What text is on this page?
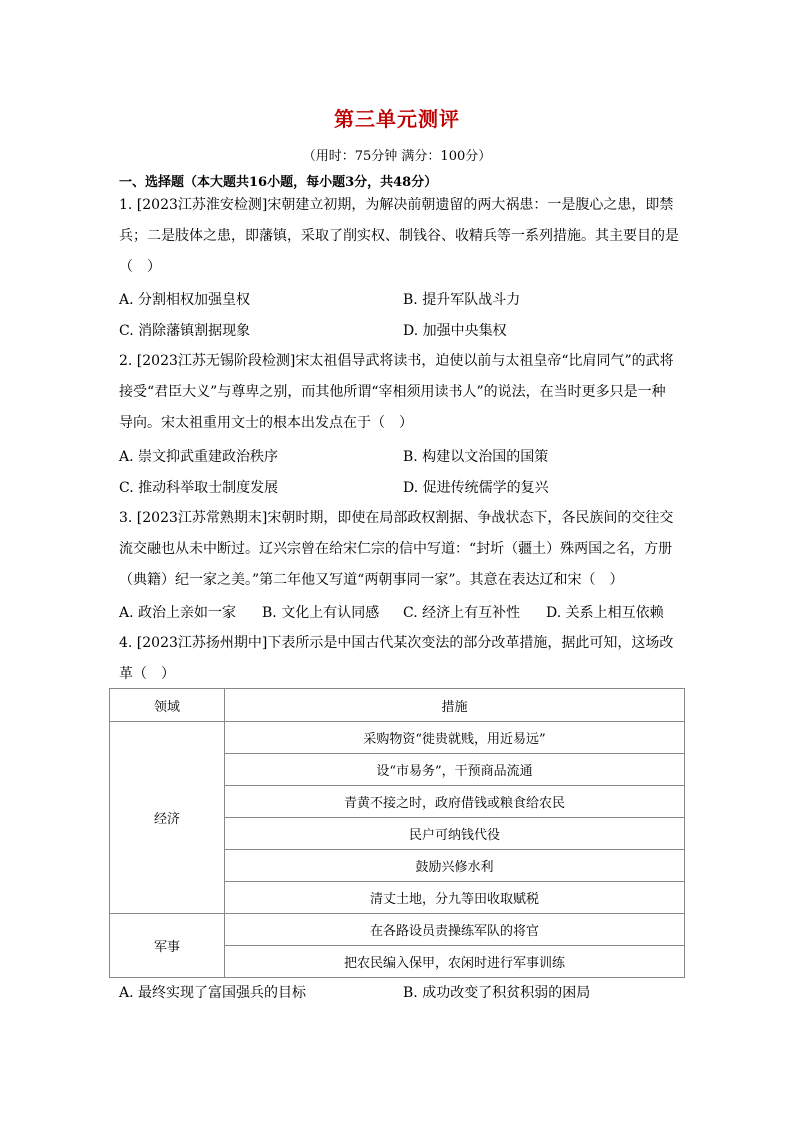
第三单元测评
（用时：75分钟 满分：100分）
一、选择题（本大题共16小题，每小题3分，共48分）
1. [2023江苏淮安检测]宋朝建立初期，为解决前朝遗留的两大祸患：一是腹心之患，即禁兵；二是肢体之患，即藩镇，采取了削实权、制钱谷、收精兵等一系列措施。其主要目的是（　）
A. 分割相权加强皇权	B. 提升军队战斗力
C. 消除藩镇割据现象	D. 加强中央集权
2. [2023江苏无锡阶段检测]宋太祖倡导武将读书，迫使以前与太祖皇帝“比肩同气”的武将接受“君臣大义”与尊卑之别，而其他所谓“宰相须用读书人”的说法，在当时更多只是一种导向。宋太祖重用文士的根本出发点在于（　）
A. 崇文抑武重建政治秩序	B. 构建以文治国的国策
C. 推动科举取士制度发展	D. 促进传统儒学的复兴
3. [2023江苏常熟期末]宋朝时期，即使在局部政权割据、争战状态下，各民族间的交往交流交融也从未中断过。辽兴宗曾在给宋仁宗的信中写道：“封圻（疆土）殊两国之名，方册（典籍）纪一家之美。”第二年他又写道“两朝事同一家”。其意在表达辽和宋（　）
A. 政治上亲如一家 B. 文化上有认同感 C. 经济上有互补性 D. 关系上相互依赖
4. [2023江苏扬州期中]下表所示是中国古代某次变法的部分改革措施，据此可知，这场改革（　）
领域	措施
经济	采购物资“徙贵就贱，用近易远”
	设“市易务”，干预商品流通
	青黄不接之时，政府借钱或粮食给农民
	民户可纳钱代役
	鼓励兴修水利
	清丈土地，分九等田收取赋税
军事	在各路设员责操练军队的将官
	把农民编入保甲，农闲时进行军事训练
A. 最终实现了富国强兵的目标	B. 成功改变了积贫积弱的困局
